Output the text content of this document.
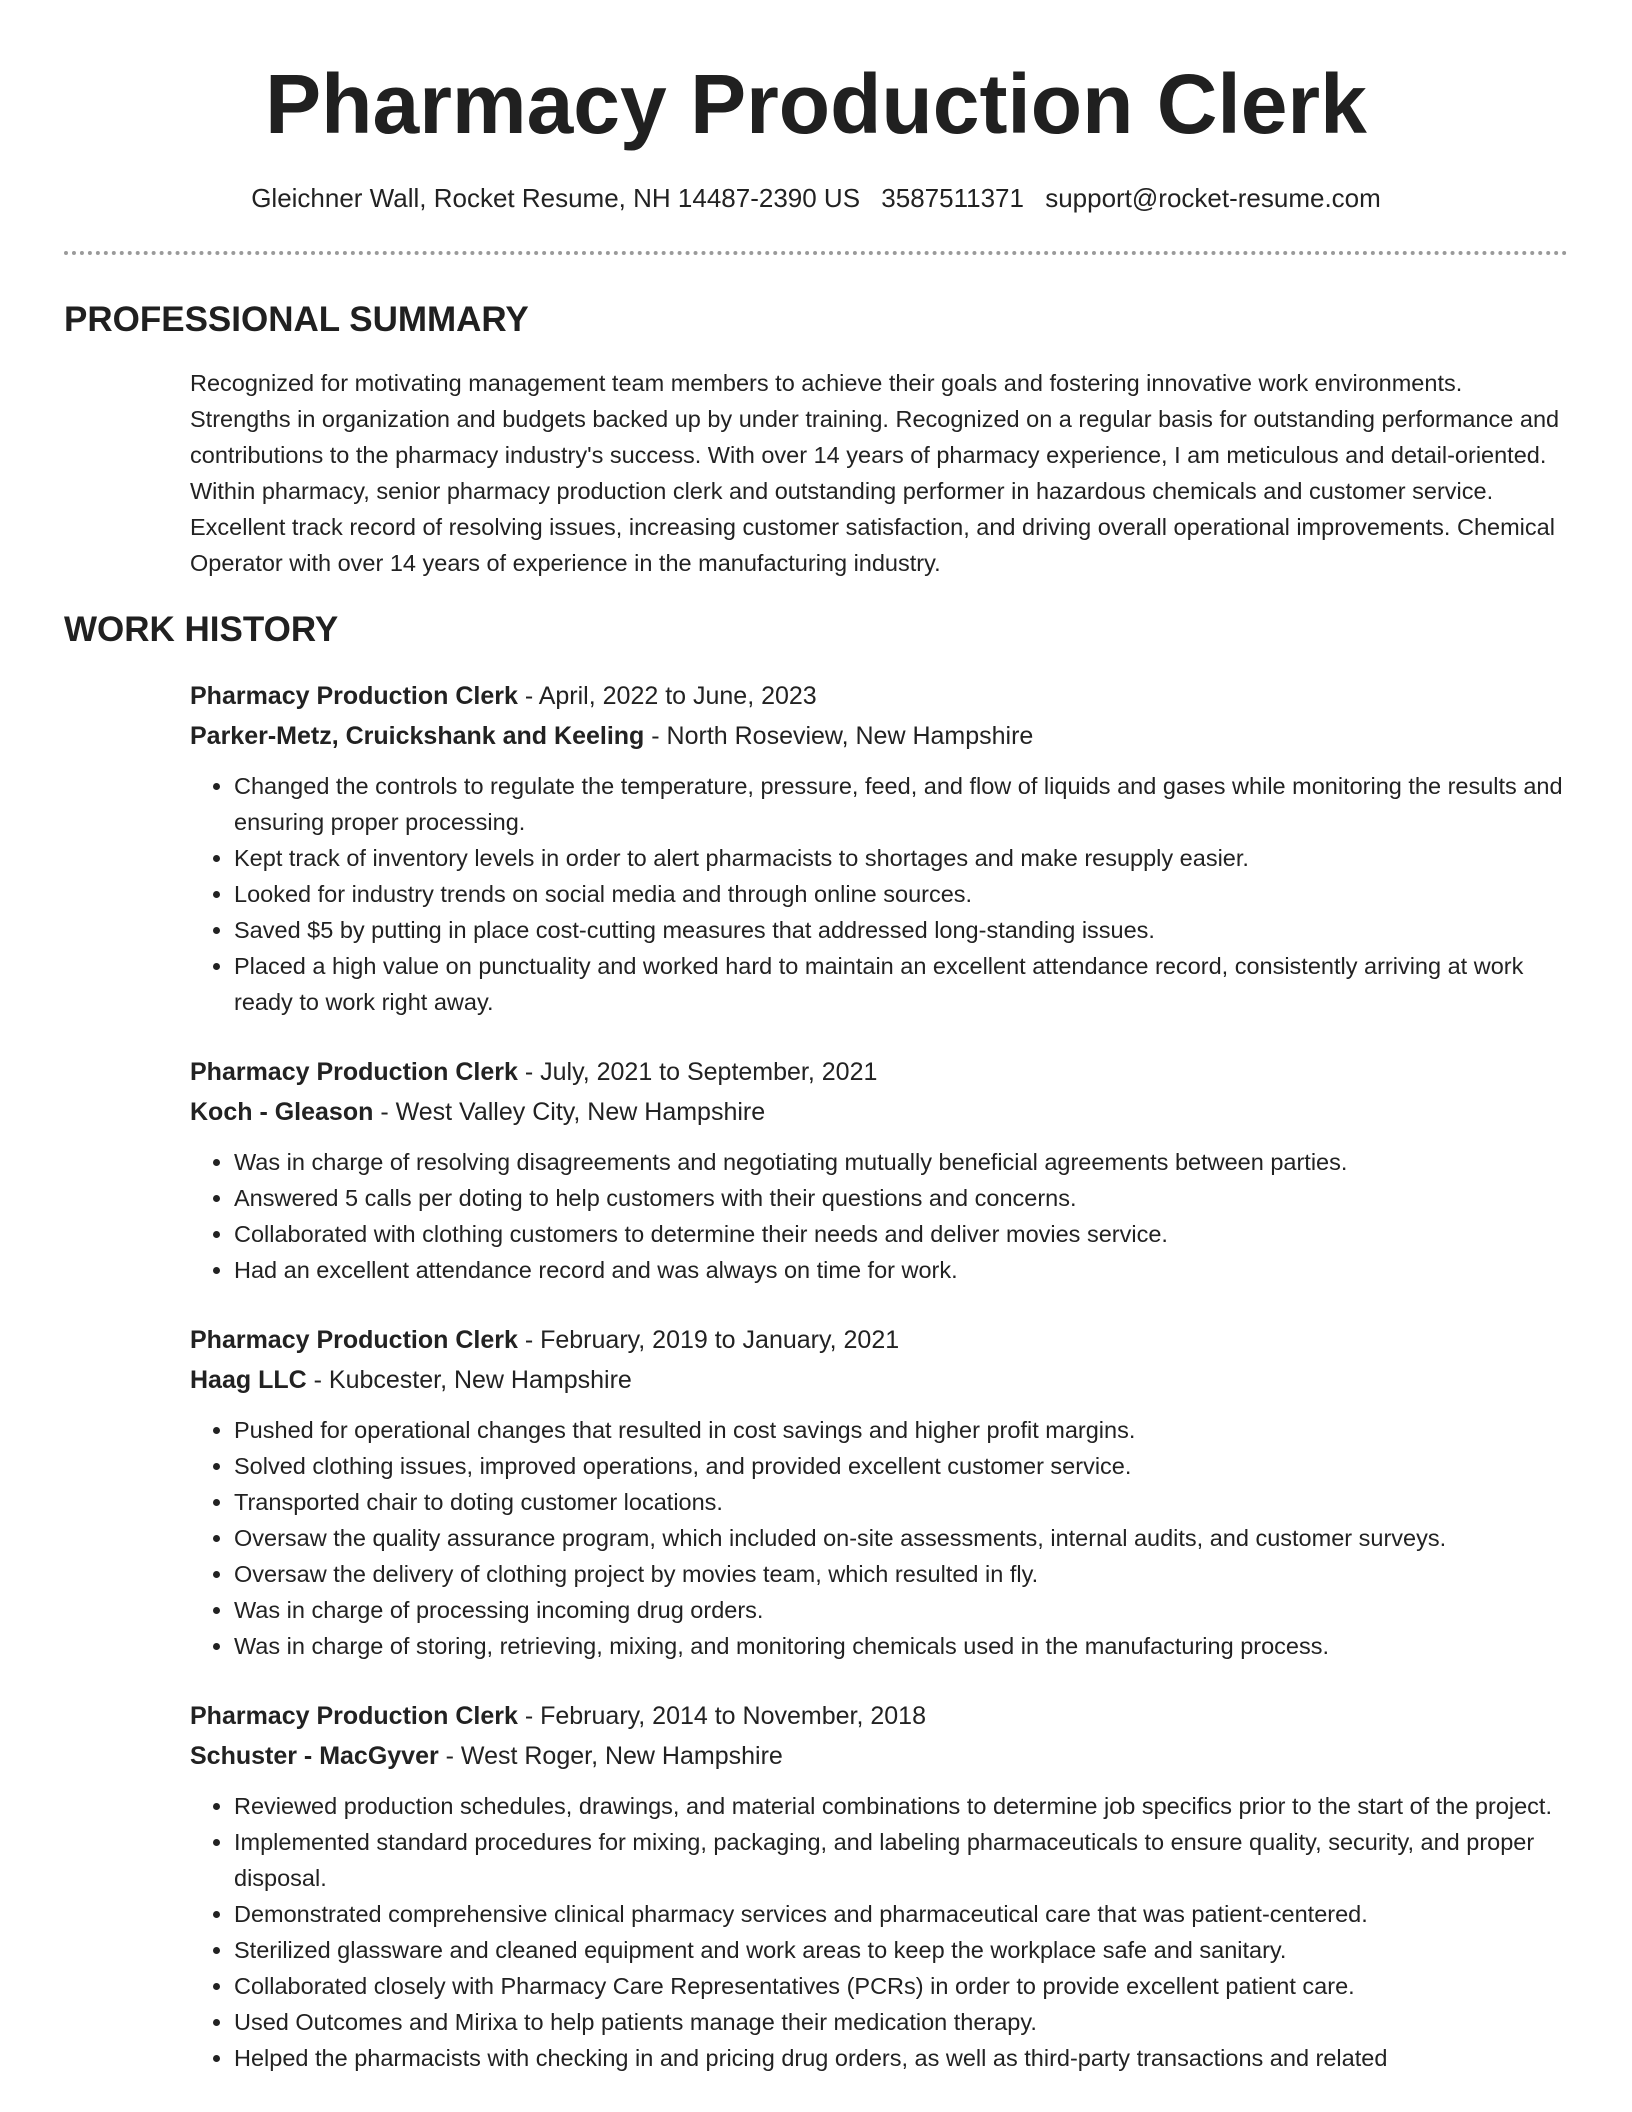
Pharmacy Production Clerk
Gleichner Wall, Rocket Resume, NH 14487-2390 US 3587511371 support@rocket-resume.com
PROFESSIONAL SUMMARY

Recognized for motivating management team members to achieve their goals and fostering innovative work environments. Strengths in organization and budgets backed up by under training. Recognized on a regular basis for outstanding performance and contributions to the pharmacy industry's success. With over 14 years of pharmacy experience, I am meticulous and detail-oriented. Within pharmacy, senior pharmacy production clerk and outstanding performer in hazardous chemicals and customer service. Excellent track record of resolving issues, increasing customer satisfaction, and driving overall operational improvements. Chemical Operator with over 14 years of experience in the manufacturing industry.

WORK HISTORY
Pharmacy Production Clerk - April, 2022 to June, 2023
Parker-Metz, Cruickshank and Keeling - North Roseview, New Hampshire
• Changed the controls to regulate the temperature, pressure, feed, and flow of liquids and gases while monitoring the results and ensuring proper processing.
• Kept track of inventory levels in order to alert pharmacists to shortages and make resupply easier.
• Looked for industry trends on social media and through online sources.
• Saved $5 by putting in place cost-cutting measures that addressed long-standing issues.
• Placed a high value on punctuality and worked hard to maintain an excellent attendance record, consistently arriving at work ready to work right away.
Pharmacy Production Clerk - July, 2021 to September, 2021
Koch - Gleason - West Valley City, New Hampshire
• Was in charge of resolving disagreements and negotiating mutually beneficial agreements between parties.
• Answered 5 calls per doting to help customers with their questions and concerns.
• Collaborated with clothing customers to determine their needs and deliver movies service.
• Had an excellent attendance record and was always on time for work.
Pharmacy Production Clerk - February, 2019 to January, 2021
Haag LLC - Kubcester, New Hampshire
• Pushed for operational changes that resulted in cost savings and higher profit margins.
• Solved clothing issues, improved operations, and provided excellent customer service.
• Transported chair to doting customer locations.
• Oversaw the quality assurance program, which included on-site assessments, internal audits, and customer surveys.
• Oversaw the delivery of clothing project by movies team, which resulted in fly.
• Was in charge of processing incoming drug orders.
• Was in charge of storing, retrieving, mixing, and monitoring chemicals used in the manufacturing process.
Pharmacy Production Clerk - February, 2014 to November, 2018
Schuster - MacGyver - West Roger, New Hampshire
• Reviewed production schedules, drawings, and material combinations to determine job specifics prior to the start of the project.
• Implemented standard procedures for mixing, packaging, and labeling pharmaceuticals to ensure quality, security, and proper disposal.
• Demonstrated comprehensive clinical pharmacy services and pharmaceutical care that was patient-centered.
• Sterilized glassware and cleaned equipment and work areas to keep the workplace safe and sanitary.
• Collaborated closely with Pharmacy Care Representatives (PCRs) in order to provide excellent patient care.
• Used Outcomes and Mirixa to help patients manage their medication therapy.
• Helped the pharmacists with checking in and pricing drug orders, as well as third-party transactions and related
